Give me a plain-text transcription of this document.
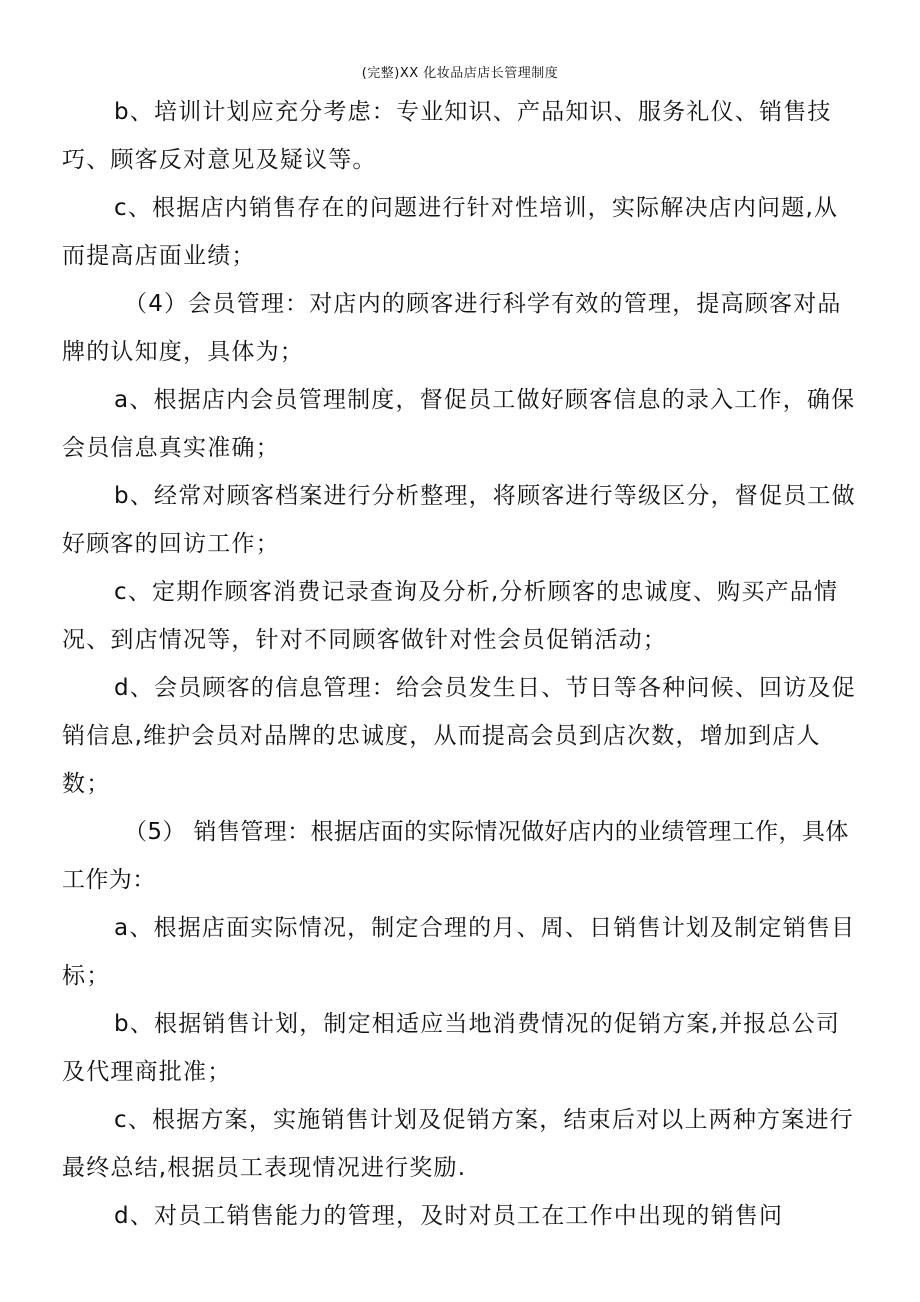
(完整)XX 化妆品店店长管理制度

b、培训计划应充分考虑：专业知识、产品知识、服务礼仪、销售技巧、顾客反对意见及疑议等。

c、根据店内销售存在的问题进行针对性培训，实际解决店内问题,从而提高店面业绩；

（4）会员管理：对店内的顾客进行科学有效的管理，提高顾客对品牌的认知度，具体为；

a、根据店内会员管理制度，督促员工做好顾客信息的录入工作，确保会员信息真实准确；

b、经常对顾客档案进行分析整理，将顾客进行等级区分，督促员工做好顾客的回访工作；

c、定期作顾客消费记录查询及分析,分析顾客的忠诚度、购买产品情况、到店情况等，针对不同顾客做针对性会员促销活动；

d、会员顾客的信息管理：给会员发生日、节日等各种问候、回访及促销信息,维护会员对品牌的忠诚度，从而提高会员到店次数，增加到店人数；

（5） 销售管理：根据店面的实际情况做好店内的业绩管理工作，具体工作为：

a、根据店面实际情况，制定合理的月、周、日销售计划及制定销售目标；

b、根据销售计划，制定相适应当地消费情况的促销方案,并报总公司及代理商批准；

c、根据方案，实施销售计划及促销方案，结束后对以上两种方案进行最终总结,根据员工表现情况进行奖励.

d、对员工销售能力的管理，及时对员工在工作中出现的销售问
